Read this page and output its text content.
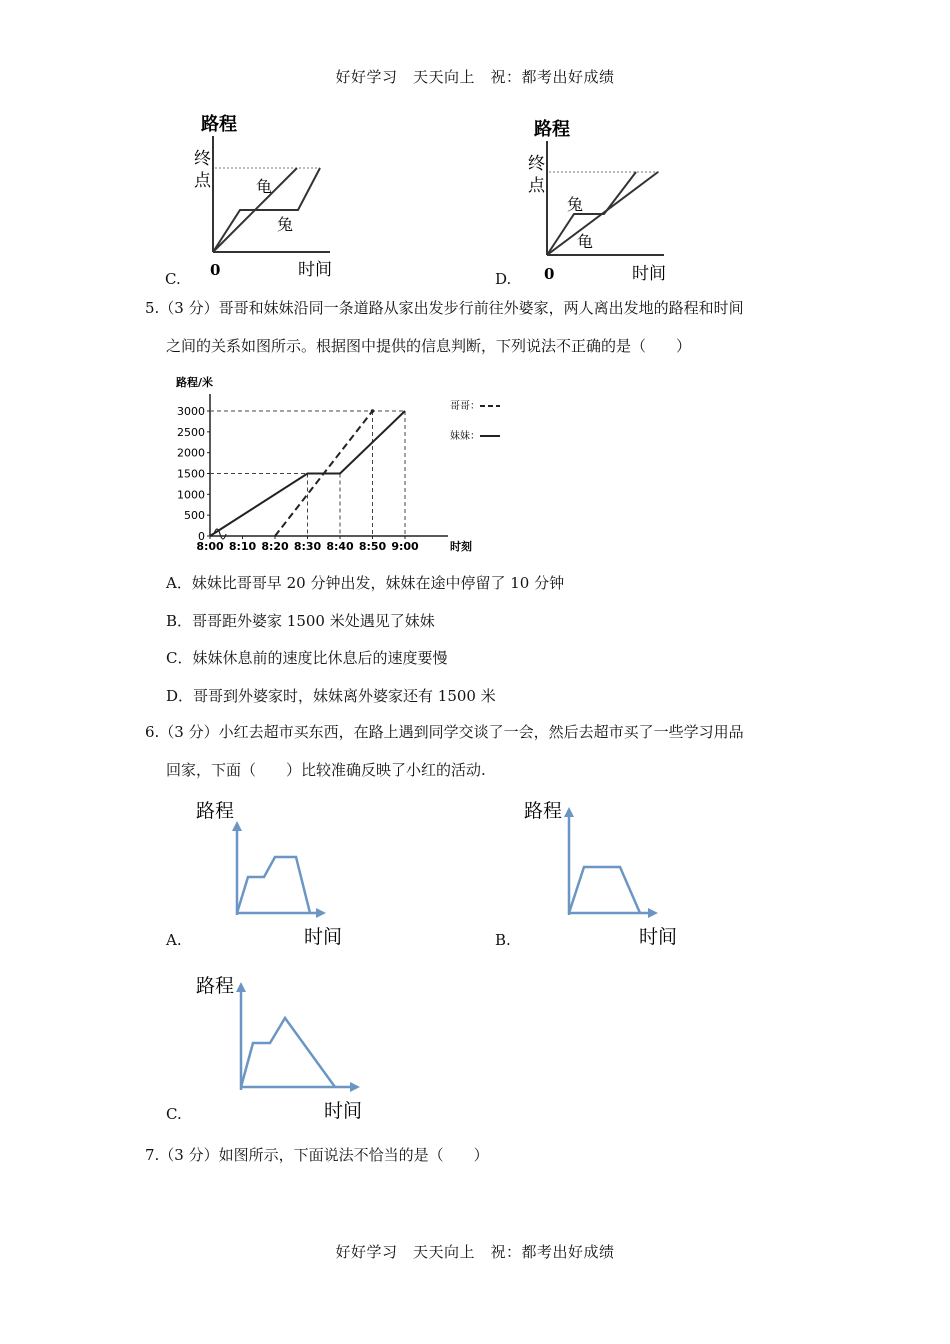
好好学习　天天向上　祝：都考出好成绩
路程
终
点	龟
兔
0	时间
C.
路程
终
点
兔
龟
0	时间
D.
5.（3 分）哥哥和妹妹沿同一条道路从家出发步行前往外婆家，两人离出发地的路程和时间
之间的关系如图所示。根据图中提供的信息判断，下列说法不正确的是（　　）
路程/米
时刻
0
500
1000
1500
2000
2500
3000
8:00 8:10 8:20 8:30 8:40 8:50 9:00
哥哥：
妹妹：
A．妹妹比哥哥早 20 分钟出发，妹妹在途中停留了 10 分钟
B．哥哥距外婆家 1500 米处遇见了妹妹
C．妹妹休息前的速度比休息后的速度要慢
D．哥哥到外婆家时，妹妹离外婆家还有 1500 米
6.（3 分）小红去超市买东西，在路上遇到同学交谈了一会，然后去超市买了一些学习用品
回家，下面（　　）比较准确反映了小红的活动.
路程
时间
A.
路程
时间
B.
路程
时间
C.
7.（3 分）如图所示，下面说法不恰当的是（　　）
好好学习　天天向上　祝：都考出好成绩
